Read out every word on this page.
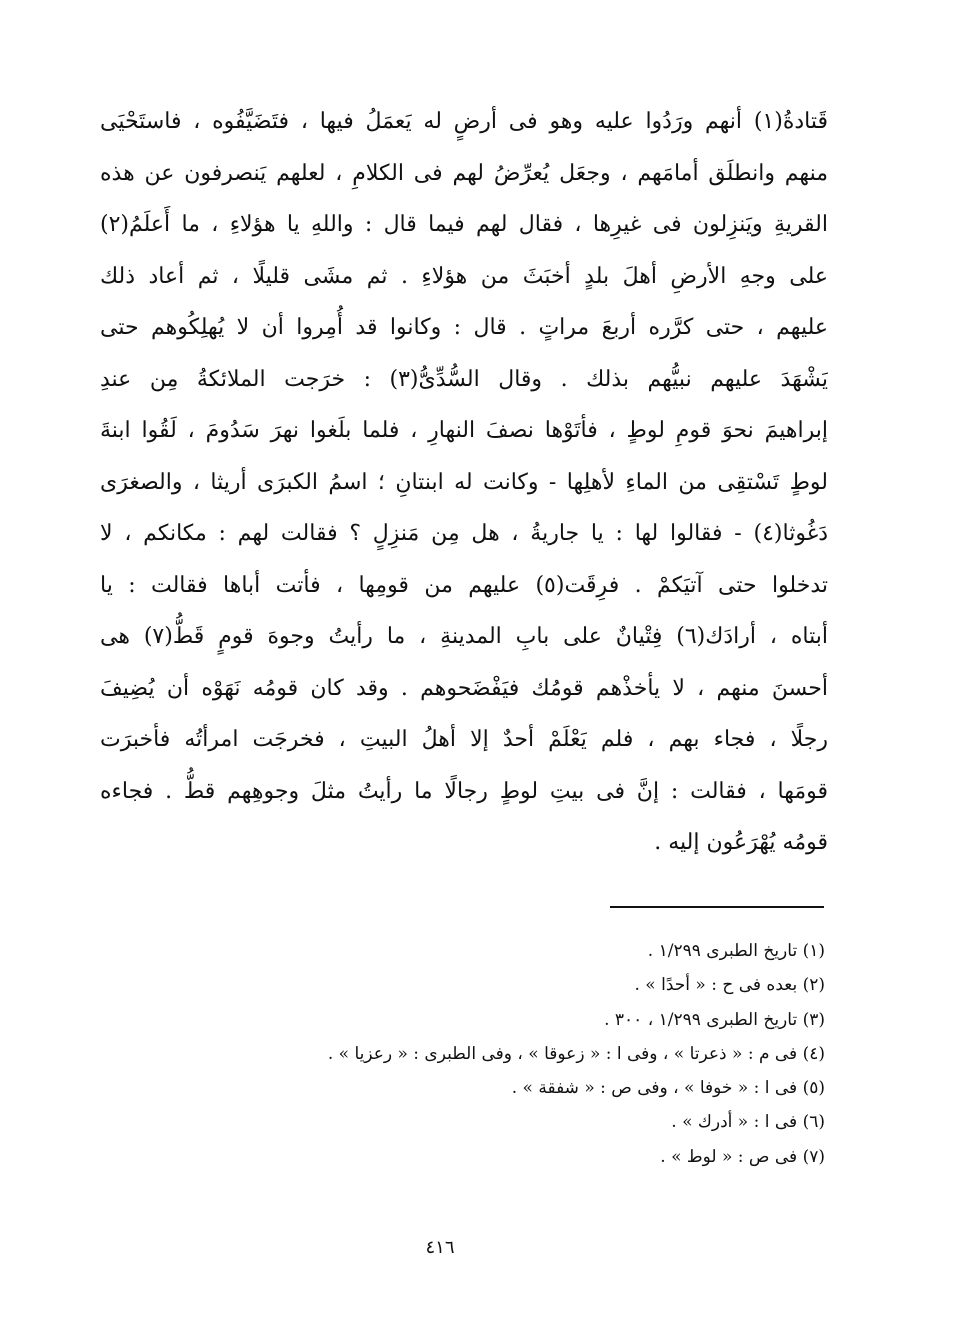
قَتادةُ(١) أنهم ورَدُوا عليه وهو فى أرضٍ له يَعمَلُ فيها ، فتَضَيَّفُوه ، فاستَحْيَى
منهم وانطلَق أمامَهم ، وجعَل يُعرِّضُ لهم فى الكلامِ ، لعلهم يَنصرفون عن هذه
القريةِ ويَنزِلون فى غيرِها ، فقال لهم فيما قال : واللهِ يا هؤلاءِ ، ما أَعلَمُ(٢)
على وجهِ الأرضِ أهلَ بلدٍ أخبَثَ من هؤلاءِ . ثم مشَى قليلًا ، ثم أعاد ذلك
عليهم ، حتى كرَّره أربعَ مراتٍ . قال : وكانوا قد أُمِروا أن لا يُهلِكُوهم حتى
يَشْهَدَ عليهم نبيُّهم بذلك . وقال السُّدِّىُّ(٣) : خرَجت الملائكةُ مِن عندِ
إبراهيمَ نحوَ قومِ لوطٍ ، فأتَوْها نصفَ النهارِ ، فلما بلَغوا نهرَ سَدُومَ ، لَقُوا ابنةَ
لوطٍ تَسْتقِى من الماءِ لأهلِها - وكانت له ابنتانِ ؛ اسمُ الكبرَى أريثا ، والصغرَى
دَغُوثا(٤) - فقالوا لها : يا جاريةُ ، هل مِن مَنزِلٍ ؟ فقالت لهم : مكانكم ، لا
تدخلوا حتى آتيَكمْ . فرِقَت(٥) عليهم من قومِها ، فأتت أباها فقالت : يا
أبتاه ، أرادَك(٦) فِتْيانٌ على بابِ المدينةِ ، ما رأيتُ وجوهَ قومٍ قَطُّ(٧) هى
أحسنَ منهم ، لا يأخذْهم قومُك فيَفْضَحوهم . وقد كان قومُه نَهَوْه أن يُضِيفَ
رجلًا ، فجاء بهم ، فلم يَعْلَمْ أحدٌ إلا أهلُ البيتِ ، فخرجَت امرأتُه فأخبرَت
قومَها ، فقالت : إنَّ فى بيتِ لوطٍ رجالًا ما رأيتُ مثلَ وجوهِهم قطُّ . فجاءه
قومُه يُهْرَعُون إليه .
(١) تاريخ الطبرى ١/٢٩٩ .
(٢) بعده فى ح : « أحدًا » .
(٣) تاريخ الطبرى ١/٢٩٩ ، ٣٠٠ .
(٤) فى م : « ذعرتا » ، وفى ا : « زعوقا » ، وفى الطبرى : « رعزيا » .
(٥) فى ا : « خوفا » ، وفى ص : « شفقة » .
(٦) فى ا : « أدرك » .
(٧) فى ص : « لوط » .
٤١٦
